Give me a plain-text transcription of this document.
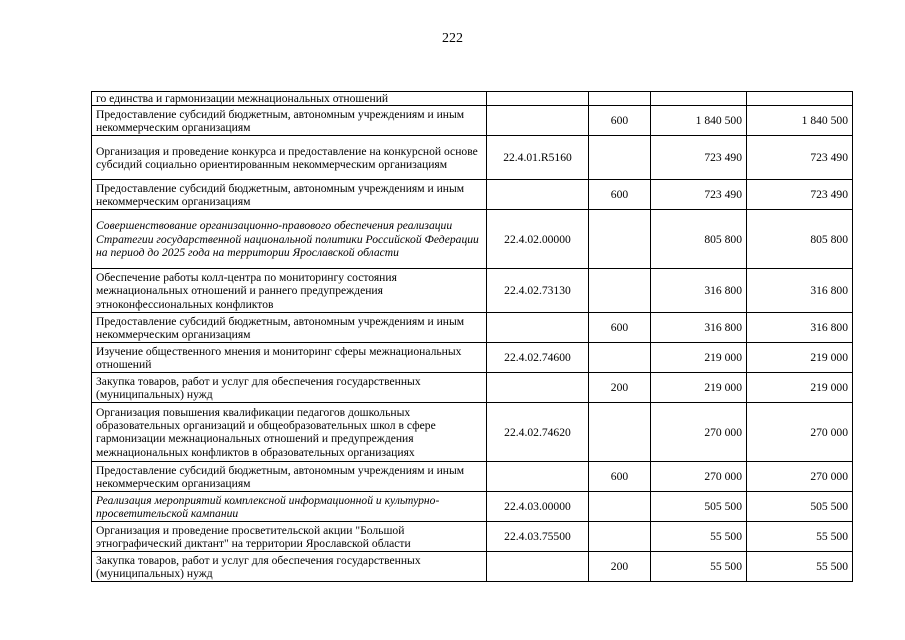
222
го единства и гармонизации межнациональных отношений				
Предоставление субсидий бюджетным, автономным учреждениям и иным некоммерческим организациям		600	1 840 500	1 840 500
Организация и проведение конкурса и предоставление на конкурсной основе субсидий социально ориентированным некоммерческим организациям	22.4.01.R5160		723 490	723 490
Предоставление субсидий бюджетным, автономным учреждениям и иным некоммерческим организациям		600	723 490	723 490
Совершенствование организационно-правового обеспечения реализации Стратегии государственной национальной политики Российской Федерации на период до 2025 года на территории Ярославской области	22.4.02.00000		805 800	805 800
Обеспечение работы колл-центра по мониторингу состояния межнациональных отношений и раннего предупреждения этноконфессиональных конфликтов	22.4.02.73130		316 800	316 800
Предоставление субсидий бюджетным, автономным учреждениям и иным некоммерческим организациям		600	316 800	316 800
Изучение общественного мнения и мониторинг сферы межнациональных отношений	22.4.02.74600		219 000	219 000
Закупка товаров, работ и услуг для обеспечения государственных (муниципальных) нужд		200	219 000	219 000
Организация повышения квалификации педагогов дошкольных образовательных организаций и общеобразовательных школ в сфере гармонизации межнациональных отношений и предупреждения межнациональных конфликтов в образовательных организациях	22.4.02.74620		270 000	270 000
Предоставление субсидий бюджетным, автономным учреждениям и иным некоммерческим организациям		600	270 000	270 000
Реализация мероприятий комплексной информационной и культурно-просветительской кампании	22.4.03.00000		505 500	505 500
Организация и проведение просветительской акции "Большой этнографический диктант" на территории Ярославской области	22.4.03.75500		55 500	55 500
Закупка товаров, работ и услуг для обеспечения государственных (муниципальных) нужд		200	55 500	55 500
